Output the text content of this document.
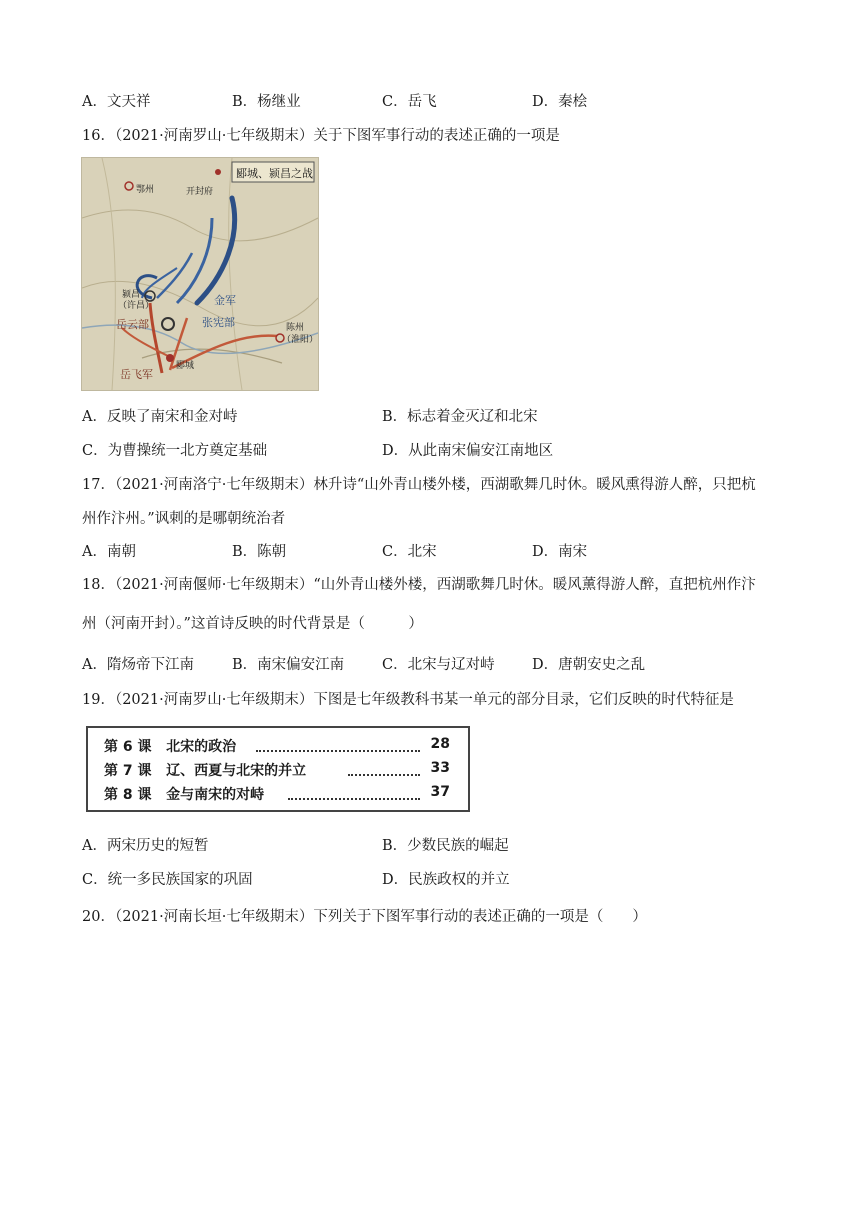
A．文天祥	B．杨继业	C．岳飞	D．秦桧
16．（2021·河南罗山·七年级期末）关于下图军事行动的表述正确的一项是
郾城、颍昌之战
开封府
鄂州
颍昌
（许昌）	金军
岳云部	张宪部	陈州
（淮阳）
郾城
岳飞军
A．反映了南宋和金对峙	B．标志着金灭辽和北宋
C．为曹操统一北方奠定基础	D．从此南宋偏安江南地区
17．（2021·河南洛宁·七年级期末）林升诗“山外青山楼外楼，西湖歌舞几时休。暖风熏得游人醉，只把杭
州作汴州。”讽刺的是哪朝统治者
A．南朝	B．陈朝	C．北宋	D．南宋
18．（2021·河南偃师·七年级期末）“山外青山楼外楼，西湖歌舞几时休。暖风薰得游人醉，直把杭州作汴
州（河南开封）。”这首诗反映的时代背景是（　　　）
A．隋炀帝下江南	B．南宋偏安江南	C．北宋与辽对峙	D．唐朝安史之乱
19．（2021·河南罗山·七年级期末）下图是七年级教科书某一单元的部分目录，它们反映的时代特征是
第 6 课 北宋的政治	28
第 7 课 辽、西夏与北宋的并立	33
第 8 课 金与南宋的对峙	37
A．两宋历史的短暂	B．少数民族的崛起
C．统一多民族国家的巩固	D．民族政权的并立
20．（2021·河南长垣·七年级期末）下列关于下图军事行动的表述正确的一项是（　　）
